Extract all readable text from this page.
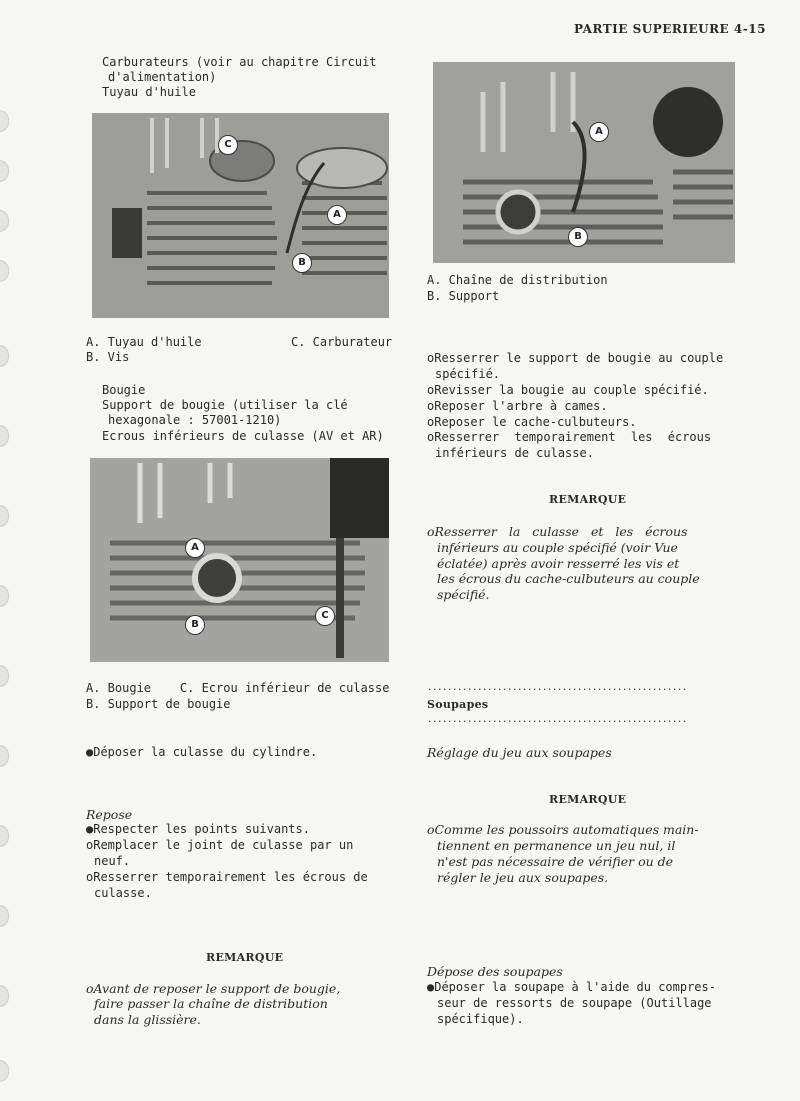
PARTIE SUPERIEURE 4-15

Carburateurs (voir au chapitre Circuit

d'alimentation)

Tuyau d'huile

C
A
B

A. Tuyau d'huile	C. Carburateur

B. Vis

Bougie

Support de bougie (utiliser la clé

hexagonale : 57001-1210)

Ecrous inférieurs de culasse (AV et AR)

A
B
C

A. Bougie    C. Ecrou inférieur de culasse

B. Support de bougie

●Déposer la culasse du cylindre.

Repose

●Respecter les points suivants.

oRemplacer le joint de culasse par un

neuf.

oResserrer temporairement les écrous de

culasse.

REMARQUE

oAvant de reposer le support de bougie,

faire passer la chaîne de distribution

dans la glissière.

A
B

A. Chaîne de distribution

B. Support

oResserrer le support de bougie au couple

spécifié.

oRevisser la bougie au couple spécifié.

oReposer l'arbre à cames.

oReposer le cache-culbuteurs.

oResserrer temporairement les écrous

inférieurs de culasse.

REMARQUE

oResserrer la culasse et les écrous

inférieurs au couple spécifié (voir Vue

éclatée) après avoir resserré les vis et

les écrous du cache-culbuteurs au couple

spécifié.

....................................................

Soupapes

....................................................

Réglage du jeu aux soupapes

REMARQUE

oComme les poussoirs automatiques main-

tiennent en permanence un jeu nul, il

n'est pas nécessaire de vérifier ou de

régler le jeu aux soupapes.

Dépose des soupapes

●Déposer la soupape à l'aide du compres-

seur de ressorts de soupape (Outillage

spécifique).
